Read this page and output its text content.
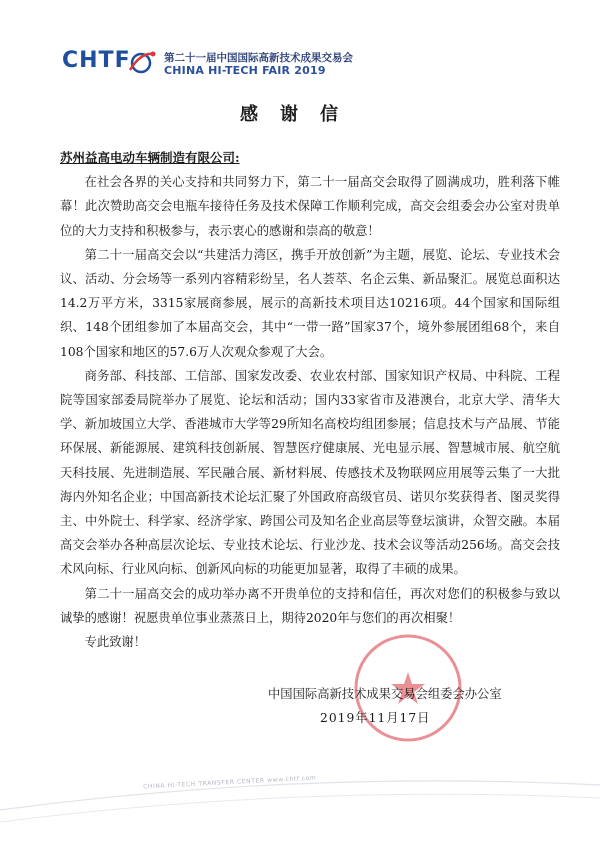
CHTF	第二十一届中国国际高新技术成果交易会
CHINA HI-TECH FAIR 2019
感谢信
苏州益高电动车辆制造有限公司:

在社会各界的关心支持和共同努力下，第二十一届高交会取得了圆满成功，胜利落下帷幕！此次赞助高交会电瓶车接待任务及技术保障工作顺利完成，高交会组委会办公室对贵单位的大力支持和积极参与，表示衷心的感谢和崇高的敬意！

第二十一届高交会以“共建活力湾区，携手开放创新”为主题，展览、论坛、专业技术会议、活动、分会场等一系列内容精彩纷呈，名人荟萃、名企云集、新品聚汇。展览总面积达14.2万平方米，3315家展商参展，展示的高新技术项目达10216项。44个国家和国际组织、148个团组参加了本届高交会，其中“一带一路”国家37个，境外参展团组68个，来自108个国家和地区的57.6万人次观众参观了大会。

商务部、科技部、工信部、国家发改委、农业农村部、国家知识产权局、中科院、工程院等国家部委局院举办了展览、论坛和活动；国内33家省市及港澳台，北京大学、清华大学、新加坡国立大学、香港城市大学等29所知名高校均组团参展；信息技术与产品展、节能环保展、新能源展、建筑科技创新展、智慧医疗健康展、光电显示展、智慧城市展、航空航天科技展、先进制造展、军民融合展、新材料展、传感技术及物联网应用展等云集了一大批海内外知名企业；中国高新技术论坛汇聚了外国政府高级官员、诺贝尔奖获得者、图灵奖得主、中外院士、科学家、经济学家、跨国公司及知名企业高层等登坛演讲，众智交融。本届高交会举办各种高层次论坛、专业技术论坛、行业沙龙、技术会议等活动256场。高交会技术风向标、行业风向标、创新风向标的功能更加显著，取得了丰硕的成果。

第二十一届高交会的成功举办离不开贵单位的支持和信任，再次对您们的积极参与致以诚挚的感谢！祝愿贵单位事业蒸蒸日上，期待2020年与您们的再次相聚！

专此致谢！

中国国际高新技术成果交易会组委会办公室
2019年11月17日
CHINA HI-TECH TRANSFER CENTER www.chtf.com
